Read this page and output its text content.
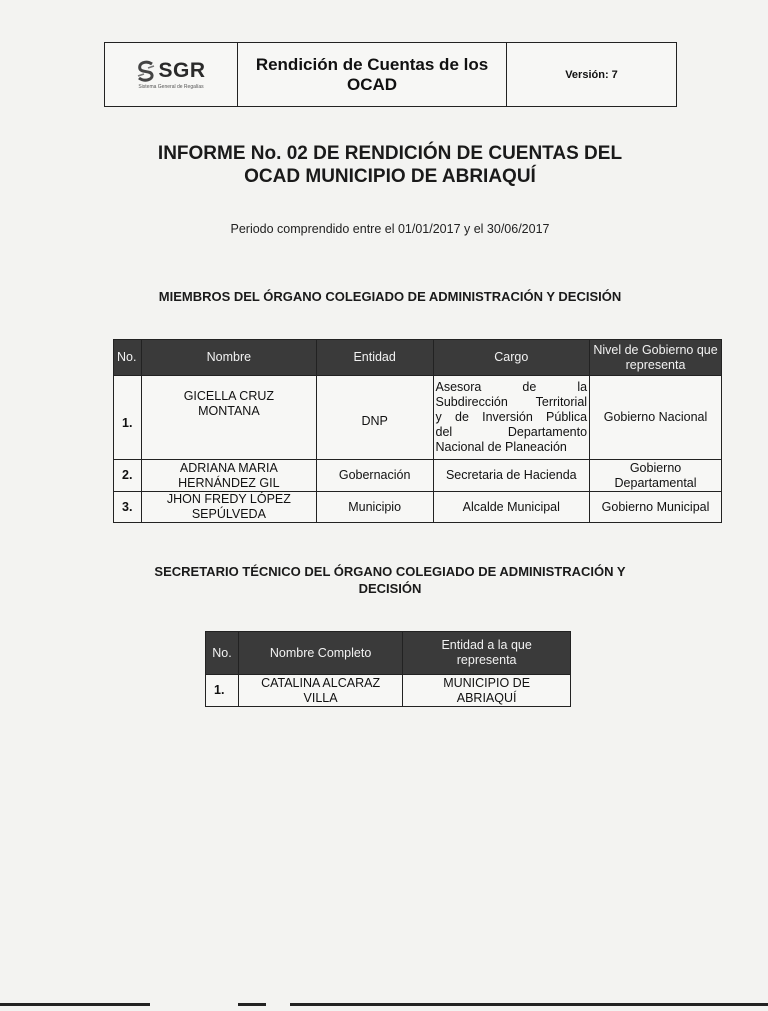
SGR
Sistema General de Regalías
Rendición de Cuentas de los OCAD	Versión: 7
INFORME No. 02 DE RENDICIÓN DE CUENTAS DEL
OCAD MUNICIPIO DE ABRIAQUÍ
Periodo comprendido entre el 01/01/2017 y el 30/06/2017
MIEMBROS DEL ÓRGANO COLEGIADO DE ADMINISTRACIÓN Y DECISIÓN
No.	Nombre	Entidad	Cargo	Nivel de Gobierno que representa
1.	GICELLA CRUZ MONTANA	DNP	Asesora de la
Subdirección Territorial
y de Inversión Pública
del Departamento
Nacional de Planeación	Gobierno Nacional
2.	ADRIANA MARIA HERNÁNDEZ GIL	Gobernación	Secretaria de Hacienda	Gobierno Departamental
3.	JHON FREDY LÓPEZ SEPÚLVEDA	Municipio	Alcalde Municipal	Gobierno Municipal
SECRETARIO TÉCNICO DEL ÓRGANO COLEGIADO DE ADMINISTRACIÓN Y
DECISIÓN
No.	Nombre Completo	Entidad a la que representa
1.	CATALINA ALCARAZ VILLA	MUNICIPIO DE ABRIAQUÍ
